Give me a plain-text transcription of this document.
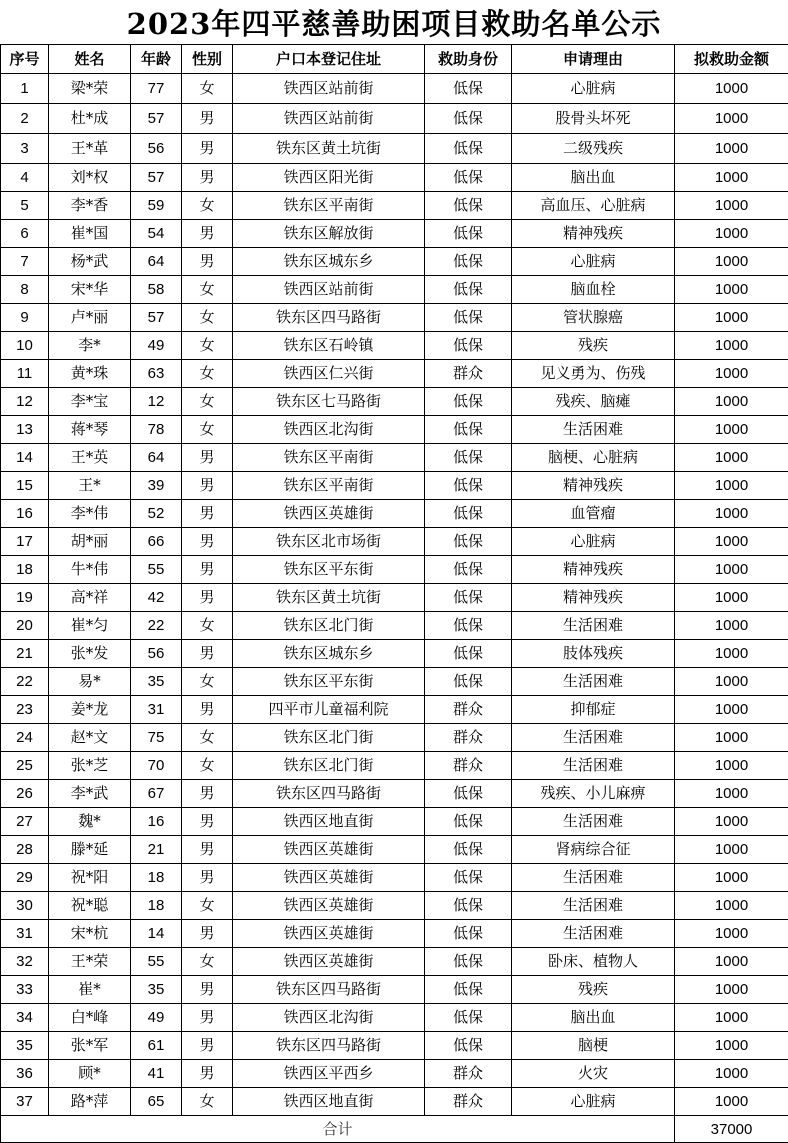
2023年四平慈善助困项目救助名单公示
序号	姓名	年龄	性别	户口本登记住址	救助身份	申请理由	拟救助金额
1	梁*荣	77	女	铁西区站前街	低保	心脏病	1000
2	杜*成	57	男	铁西区站前街	低保	股骨头坏死	1000
3	王*革	56	男	铁东区黄土坑街	低保	二级残疾	1000
4	刘*权	57	男	铁西区阳光街	低保	脑出血	1000
5	李*香	59	女	铁东区平南街	低保	高血压、心脏病	1000
6	崔*国	54	男	铁东区解放街	低保	精神残疾	1000
7	杨*武	64	男	铁东区城东乡	低保	心脏病	1000
8	宋*华	58	女	铁西区站前街	低保	脑血栓	1000
9	卢*丽	57	女	铁东区四马路街	低保	管状腺癌	1000
10	李*	49	女	铁东区石岭镇	低保	残疾	1000
11	黄*珠	63	女	铁西区仁兴街	群众	见义勇为、伤残	1000
12	李*宝	12	女	铁东区七马路街	低保	残疾、脑瘫	1000
13	蒋*琴	78	女	铁西区北沟街	低保	生活困难	1000
14	王*英	64	男	铁东区平南街	低保	脑梗、心脏病	1000
15	王*	39	男	铁东区平南街	低保	精神残疾	1000
16	李*伟	52	男	铁西区英雄街	低保	血管瘤	1000
17	胡*丽	66	男	铁东区北市场街	低保	心脏病	1000
18	牛*伟	55	男	铁东区平东街	低保	精神残疾	1000
19	高*祥	42	男	铁东区黄土坑街	低保	精神残疾	1000
20	崔*匀	22	女	铁东区北门街	低保	生活困难	1000
21	张*发	56	男	铁东区城东乡	低保	肢体残疾	1000
22	易*	35	女	铁东区平东街	低保	生活困难	1000
23	姜*龙	31	男	四平市儿童福利院	群众	抑郁症	1000
24	赵*文	75	女	铁东区北门街	群众	生活困难	1000
25	张*芝	70	女	铁东区北门街	群众	生活困难	1000
26	李*武	67	男	铁东区四马路街	低保	残疾、小儿麻痹	1000
27	魏*	16	男	铁西区地直街	低保	生活困难	1000
28	滕*延	21	男	铁西区英雄街	低保	肾病综合征	1000
29	祝*阳	18	男	铁西区英雄街	低保	生活困难	1000
30	祝*聪	18	女	铁西区英雄街	低保	生活困难	1000
31	宋*杭	14	男	铁西区英雄街	低保	生活困难	1000
32	王*荣	55	女	铁西区英雄街	低保	卧床、植物人	1000
33	崔*	35	男	铁东区四马路街	低保	残疾	1000
34	白*峰	49	男	铁西区北沟街	低保	脑出血	1000
35	张*军	61	男	铁东区四马路街	低保	脑梗	1000
36	顾*	41	男	铁西区平西乡	群众	火灾	1000
37	路*萍	65	女	铁西区地直街	群众	心脏病	1000
合计							37000
